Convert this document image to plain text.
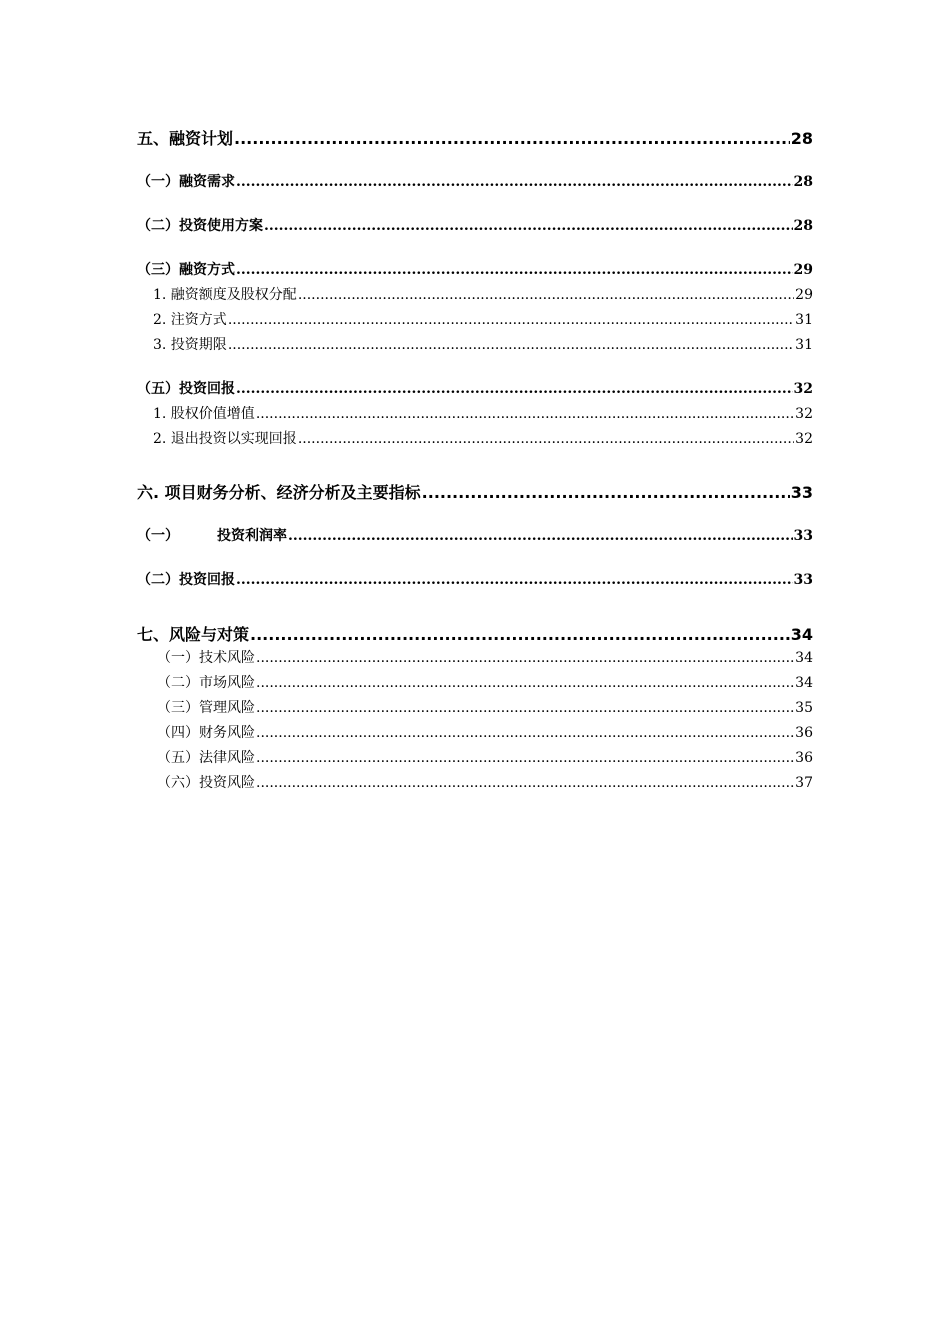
五、融资计划 .....	28
（一）融资需求 .....	28
（二）投资使用方案 .....	28
（三）融资方式 .....	29
1. 融资额度及股权分配 .....	29
2. 注资方式 .....	31
3. 投资期限 .....	31
（五）投资回报 .....	32
1. 股权价值增值 .....	32
2. 退出投资以实现回报 .....	32
六. 项目财务分析、经济分析及主要指标 .....	33
（一）	投资利润率 .....	33
（二）投资回报 .....	33
七、风险与对策 .....	34
（一）技术风险 .....	34
（二）市场风险 .....	34
（三）管理风险 .....	35
（四）财务风险 .....	36
（五）法律风险 .....	36
（六）投资风险 .....	37
